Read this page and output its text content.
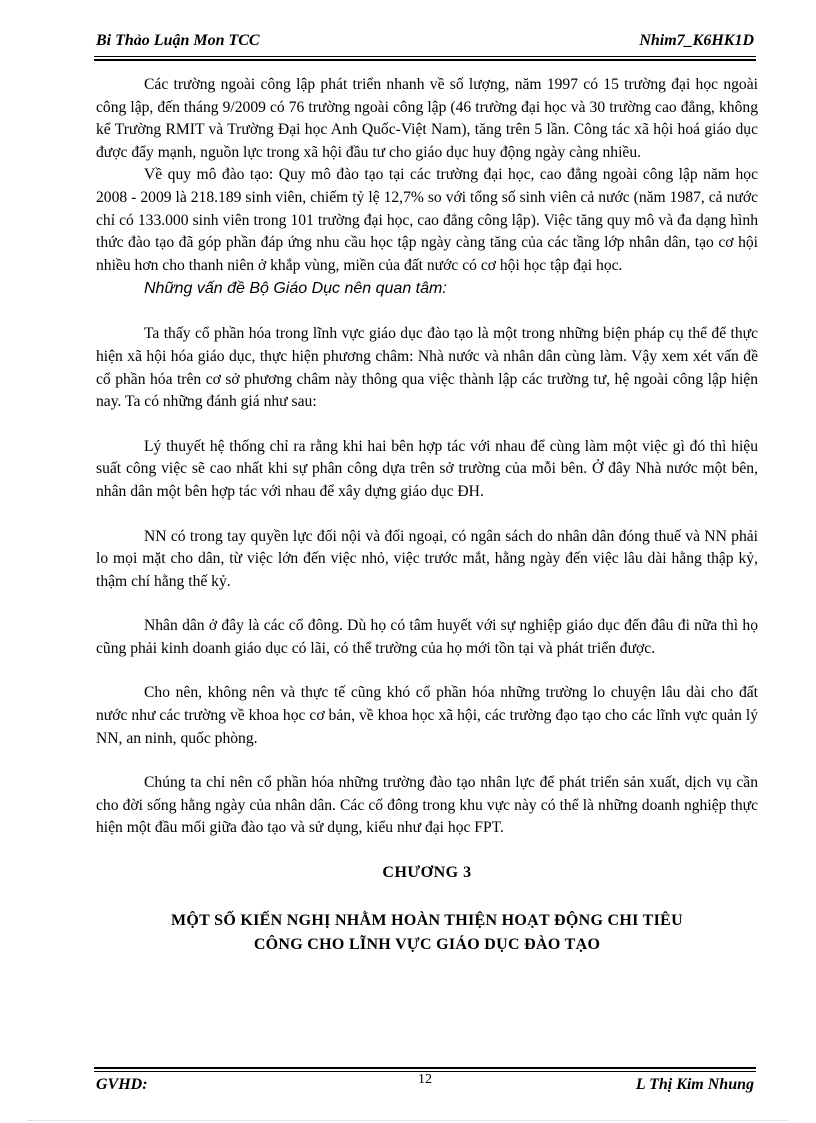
Bi Thảo Luận Mon TCC	Nhim7_K6HK1D

Các trường ngoài công lập phát triển nhanh về số lượng, năm 1997 có 15 trường đại học ngoài công lập, đến tháng 9/2009 có 76 trường ngoài công lập (46 trường đại học và 30 trường cao đẳng, không kể Trường RMIT và Trường Đại học Anh Quốc-Việt Nam), tăng trên 5 lần. Công tác xã hội hoá giáo dục được đẩy mạnh, nguồn lực trong xã hội đầu tư cho giáo dục huy động ngày càng nhiều.

Về quy mô đào tạo: Quy mô đào tạo tại các trường đại học, cao đẳng ngoài công lập năm học 2008 - 2009 là 218.189 sinh viên, chiếm tỷ lệ 12,7% so với tổng số sinh viên cả nước (năm 1987, cả nước chỉ có 133.000 sinh viên trong 101 trường đại học, cao đẳng công lập). Việc tăng quy mô và đa dạng hình thức đào tạo đã góp phần đáp ứng nhu cầu học tập ngày càng tăng của các tầng lớp nhân dân, tạo cơ hội nhiều hơn cho thanh niên ở khắp vùng, miền của đất nước có cơ hội học tập đại học.

Những vấn đề Bộ Giáo Dục nên quan tâm:

Ta thấy cổ phần hóa trong lĩnh vực giáo dục đào tạo là một trong những biện pháp cụ thể để thực hiện xã hội hóa giáo dục, thực hiện phương châm: Nhà nước và nhân dân cùng làm. Vậy xem xét vấn đề cổ phần hóa trên cơ sở phương châm này thông qua việc thành lập các trường tư, hệ ngoài công lập hiện nay. Ta có những đánh giá như sau:

Lý thuyết hệ thống chỉ ra rằng khi hai bên hợp tác với nhau để cùng làm một việc gì đó thì hiệu suất công việc sẽ cao nhất khi sự phân công dựa trên sở trường của mỗi bên. Ở đây Nhà nước một bên, nhân dân một bên hợp tác với nhau để xây dựng giáo dục ĐH.

NN có trong tay quyền lực đối nội và đối ngoại, có ngân sách do nhân dân đóng thuế và NN phải lo mọi mặt cho dân, từ việc lớn đến việc nhỏ, việc trước mắt, hằng ngày đến việc lâu dài hằng thập kỷ, thậm chí hằng thế kỷ.

Nhân dân ở đây là các cổ đông. Dù họ có tâm huyết với sự nghiệp giáo dục đến đâu đi nữa thì họ cũng phải kinh doanh giáo dục có lãi, có thể trường của họ mới tồn tại và phát triển được.

Cho nên, không nên và thực tế cũng khó cổ phần hóa những trường lo chuyện lâu dài cho đất nước như các trường về khoa học cơ bản, về khoa học xã hội, các trường đạo tạo cho các lĩnh vực quản lý NN, an ninh, quốc phòng.

Chúng ta chỉ nên cổ phần hóa những trường đào tạo nhân lực để phát triển sản xuất, dịch vụ cần cho đời sống hằng ngày của nhân dân. Các cổ đông trong khu vực này có thể là những doanh nghiệp thực hiện một đầu mối giữa đào tạo và sử dụng, kiểu như đại học FPT.

CHƯƠNG 3

MỘT SỐ KIẾN NGHỊ NHẰM HOÀN THIỆN HOẠT ĐỘNG CHI TIÊU
CÔNG CHO LĨNH VỰC GIÁO DỤC ĐÀO TẠO
GVHD:	12	L Thị Kim Nhung
